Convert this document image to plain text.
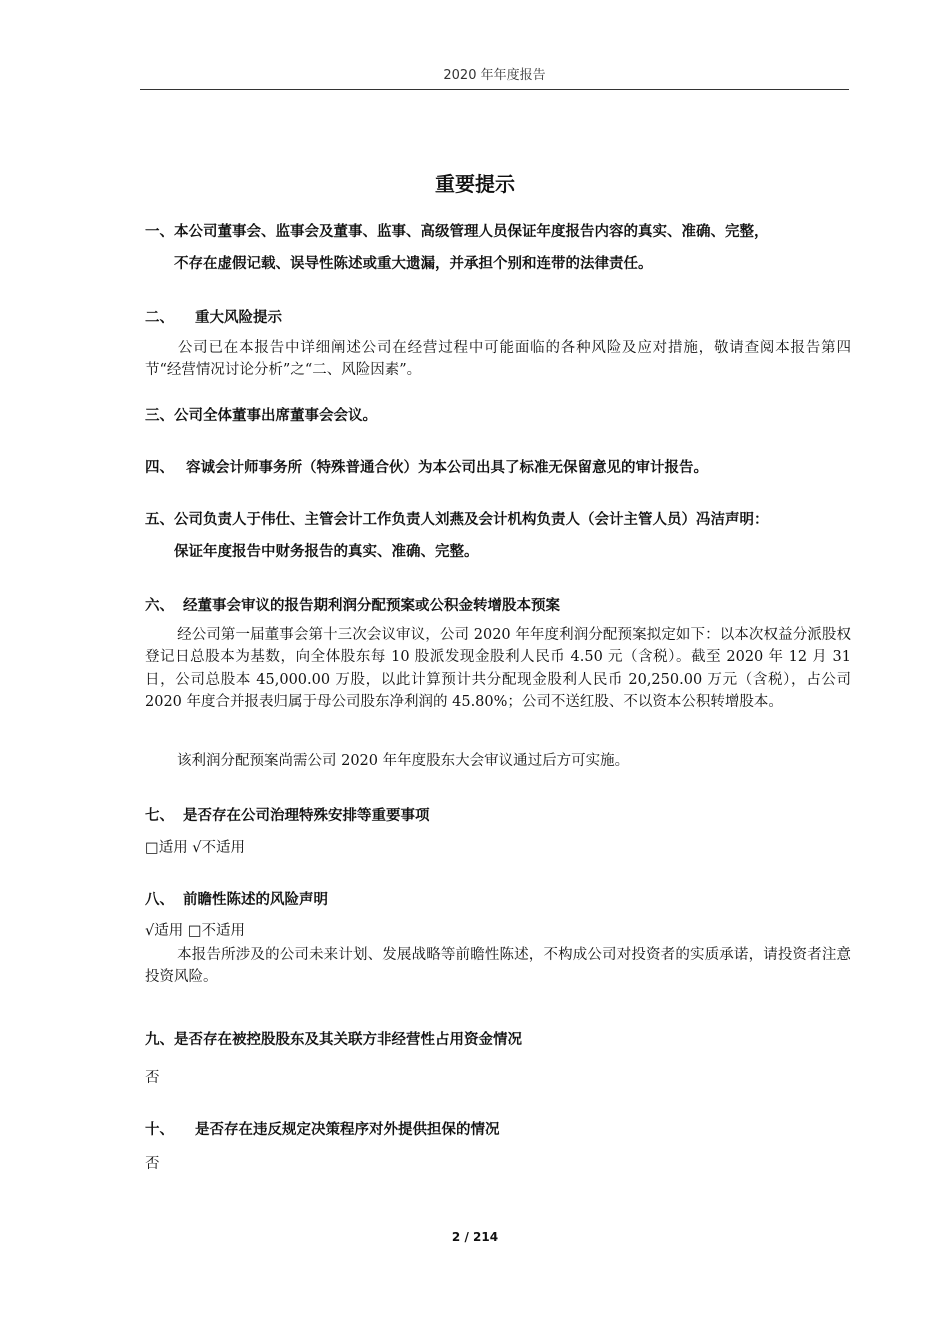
2020 年年度报告
重要提示
一、本公司董事会、监事会及董事、监事、高级管理人员保证年度报告内容的真实、准确、完整，
不存在虚假记载、误导性陈述或重大遗漏，并承担个别和连带的法律责任。
二、 重大风险提示
公司已在本报告中详细阐述公司在经营过程中可能面临的各种风险及应对措施，敬请查阅本报告第四节“经营情况讨论分析”之“二、风险因素”。
三、公司全体董事出席董事会会议。
四、 容诚会计师事务所（特殊普通合伙）为本公司出具了标准无保留意见的审计报告。
五、公司负责人于伟仕、主管会计工作负责人刘燕及会计机构负责人（会计主管人员）冯洁声明：
保证年度报告中财务报告的真实、准确、完整。
六、 经董事会审议的报告期利润分配预案或公积金转增股本预案
经公司第一届董事会第十三次会议审议，公司 2020 年年度利润分配预案拟定如下：以本次权益分派股权登记日总股本为基数，向全体股东每 10 股派发现金股利人民币 4.50 元（含税）。截至 2020 年 12 月 31 日，公司总股本 45,000.00 万股，以此计算预计共分配现金股利人民币 20,250.00 万元（含税），占公司 2020 年度合并报表归属于母公司股东净利润的 45.80%；公司不送红股、不以资本公积转增股本。
该利润分配预案尚需公司 2020 年年度股东大会审议通过后方可实施。
七、 是否存在公司治理特殊安排等重要事项
□适用 √不适用
八、 前瞻性陈述的风险声明
√适用 □不适用
本报告所涉及的公司未来计划、发展战略等前瞻性陈述，不构成公司对投资者的实质承诺，请投资者注意投资风险。
九、是否存在被控股股东及其关联方非经营性占用资金情况
否
十、 是否存在违反规定决策程序对外提供担保的情况
否
2 / 214
